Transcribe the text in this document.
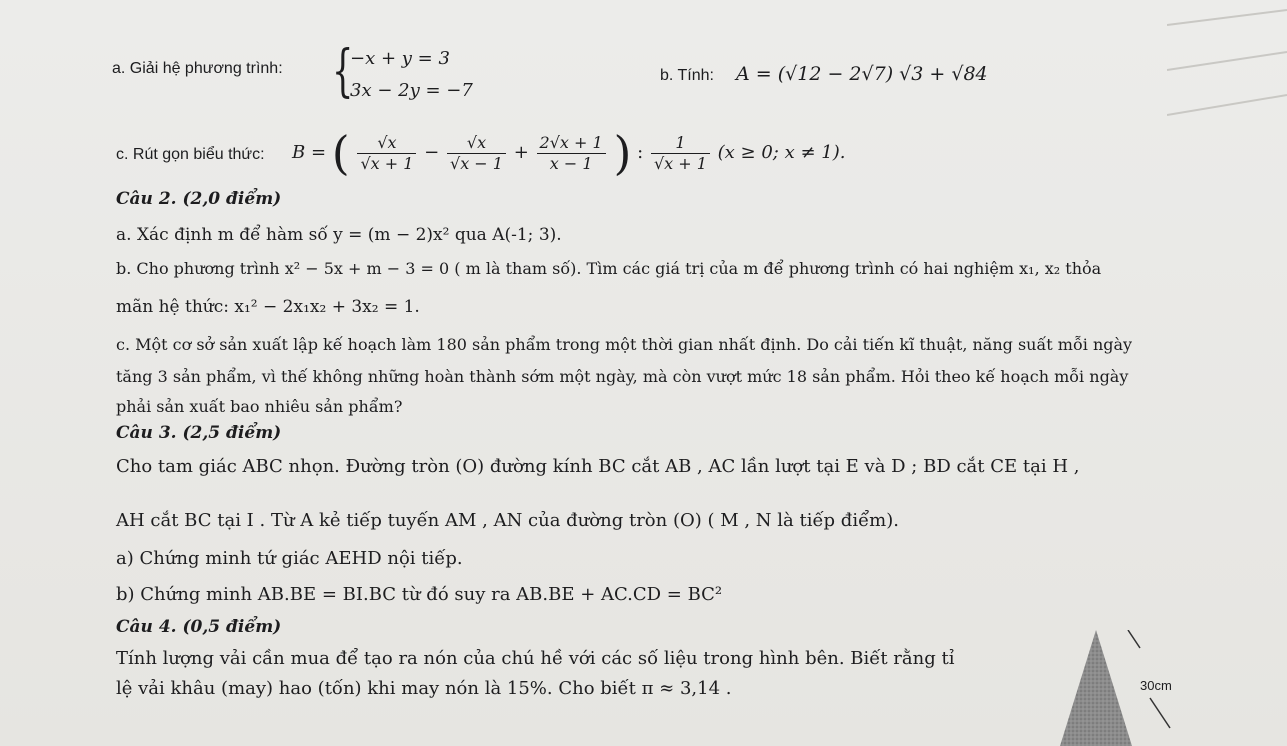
a. Giải hệ phương trình: {
−x + y = 3
3x − 2y = −7
b. Tính: A = (√12 − 2√7) √3 + √84
c. Rút gọn biểu thức: B = ( $\frac{√x}{√x + 1} - \frac{√x}{√x - 1} + \frac{2√x + 1}{x - 1}$ ) : $\frac{1}{√x + 1} (x \ge 0$; x ≠ 1).
Câu 2. (2,0 điểm)
a. Xác định m để hàm số y = (m − 2)x² qua A(-1; 3).
b. Cho phương trình x² − 5x + m − 3 = 0 ( m là tham số). Tìm các giá trị của m để phương trình có hai nghiệm x₁, x₂ thỏa
mãn hệ thức: x₁² − 2x₁x₂ + 3x₂ = 1.
c. Một cơ sở sản xuất lập kế hoạch làm 180 sản phẩm trong một thời gian nhất định. Do cải tiến kĩ thuật, năng suất mỗi ngày
tăng 3 sản phẩm, vì thế không những hoàn thành sớm một ngày, mà còn vượt mức 18 sản phẩm. Hỏi theo kế hoạch mỗi ngày
phải sản xuất bao nhiêu sản phẩm?
Câu 3. (2,5 điểm)
Cho tam giác ABC nhọn. Đường tròn (O) đường kính BC cắt AB , AC lần lượt tại E và D ; BD cắt CE tại H ,
AH cắt BC tại I . Từ A kẻ tiếp tuyến AM , AN của đường tròn (O) ( M , N là tiếp điểm).
a) Chứng minh tứ giác AEHD nội tiếp.
b) Chứng minh AB.BE = BI.BC từ đó suy ra AB.BE + AC.CD = BC²
Câu 4. (0,5 điểm)
Tính lượng vải cần mua để tạo ra nón của chú hề với các số liệu trong hình bên. Biết rằng tỉ
lệ vải khâu (may) hao (tốn) khi may nón là 15%. Cho biết π ≈ 3,14 .	30cm
